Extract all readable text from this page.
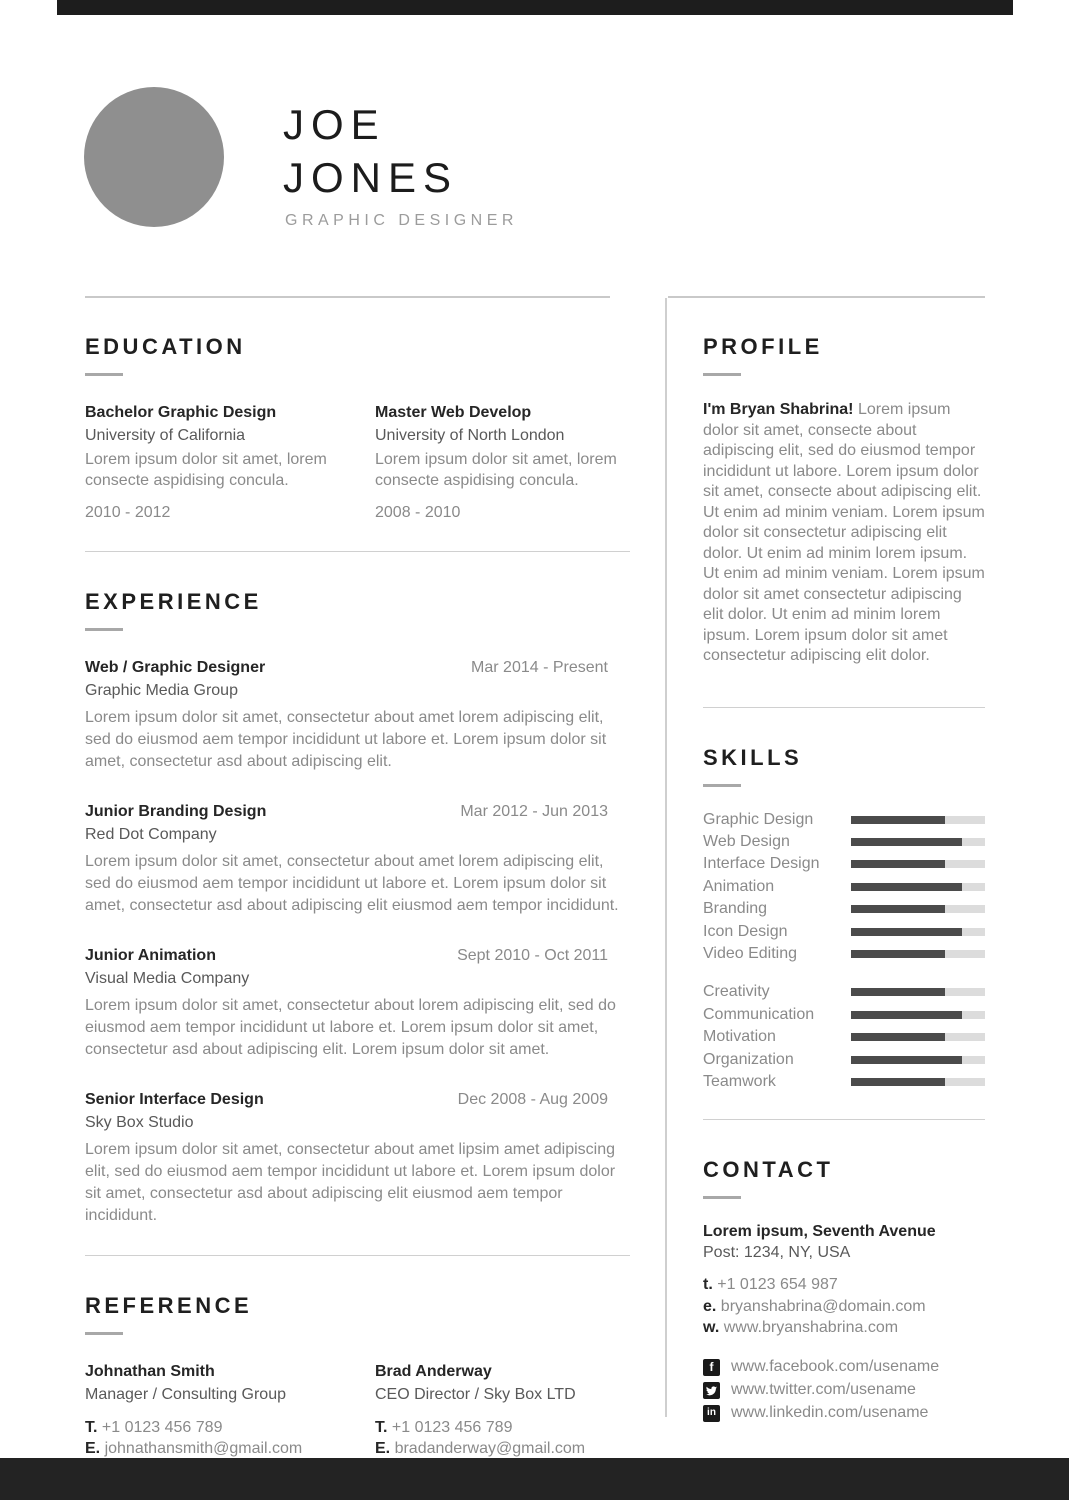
JOE
JONES
GRAPHIC DESIGNER
EDUCATION
Bachelor Graphic Design
University of California
Lorem ipsum dolor sit amet, lorem consecte aspidising concula.
2010 - 2012
Master Web Develop
University of North London
Lorem ipsum dolor sit amet, lorem consecte aspidising concula.
2008 - 2010
EXPERIENCE
Web / Graphic Designer	Mar 2014 - Present
Graphic Media Group
Lorem ipsum dolor sit amet, consectetur about amet lorem adipiscing elit, sed do eiusmod aem tempor incididunt ut labore et. Lorem ipsum dolor sit amet, consectetur asd about adipiscing elit.
Junior Branding Design	Mar 2012 - Jun 2013
Red Dot Company
Lorem ipsum dolor sit amet, consectetur about amet lorem adipiscing elit, sed do eiusmod aem tempor incididunt ut labore et. Lorem ipsum dolor sit amet, consectetur asd about adipiscing elit eiusmod aem tempor incididunt.
Junior Animation	Sept 2010 - Oct 2011
Visual Media Company
Lorem ipsum dolor sit amet, consectetur about lorem adipiscing elit, sed do eiusmod aem tempor incididunt ut labore et. Lorem ipsum dolor sit amet, consectetur asd about adipiscing elit. Lorem ipsum dolor sit amet.
Senior Interface Design	Dec 2008 - Aug 2009
Sky Box Studio
Lorem ipsum dolor sit amet, consectetur about amet lipsim amet adipiscing elit, sed do eiusmod aem tempor incididunt ut labore et. Lorem ipsum dolor sit amet, consectetur asd about adipiscing elit eiusmod aem tempor incididunt.
REFERENCE
Johnathan Smith
Manager / Consulting Group
T. +1 0123 456 789
E. johnathansmith@gmail.com
Brad Anderway
CEO Director / Sky Box LTD
T. +1 0123 456 789
E. bradanderway@gmail.com
PROFILE
I'm Bryan Shabrina! Lorem ipsum dolor sit amet, consecte about adipiscing elit, sed do eiusmod tempor incididunt ut labore. Lorem ipsum dolor sit amet, consecte about adipiscing elit. Ut enim ad minim veniam. Lorem ipsum dolor sit consectetur adipiscing elit dolor. Ut enim ad minim lorem ipsum. Ut enim ad minim veniam. Lorem ipsum dolor sit amet consectetur adipiscing elit dolor. Ut enim ad minim lorem ipsum. Lorem ipsum dolor sit amet consectetur adipiscing elit dolor.
SKILLS
Graphic Design
Web Design
Interface Design
Animation
Branding
Icon Design
Video Editing
Creativity
Communication
Motivation
Organization
Teamwork
CONTACT
Lorem ipsum, Seventh Avenue
Post: 1234, NY, USA
t. +1 0123 654 987
e. bryanshabrina@domain.com
w. www.bryanshabrina.com
f	www.facebook.com/usename
www.twitter.com/usename
in www.linkedin.com/usename
